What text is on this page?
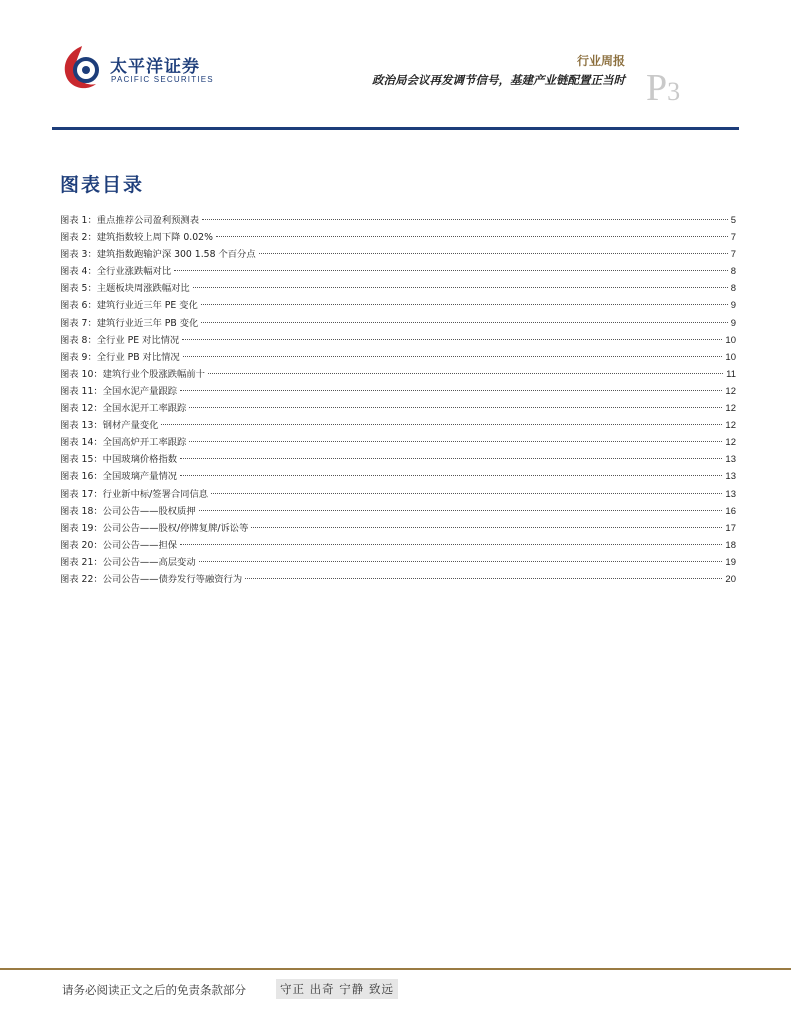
太平洋证券
PACIFIC SECURITIES
行业周报
政治局会议再发调节信号，基建产业链配置正当时 P3
图表目录
图表 1：重点推荐公司盈利预测表	5
图表 2：建筑指数较上周下降 0.02%	7
图表 3：建筑指数跑输沪深 300 1.58 个百分点	7
图表 4：全行业涨跌幅对比	8
图表 5：主题板块周涨跌幅对比	8
图表 6：建筑行业近三年 PE 变化	9
图表 7：建筑行业近三年 PB 变化	9
图表 8：全行业 PE 对比情况	10
图表 9：全行业 PB 对比情况	10
图表 10：建筑行业个股涨跌幅前十	11
图表 11：全国水泥产量跟踪	12
图表 12：全国水泥开工率跟踪	12
图表 13：钢材产量变化	12
图表 14：全国高炉开工率跟踪	12
图表 15：中国玻璃价格指数	13
图表 16：全国玻璃产量情况	13
图表 17：行业新中标/签署合同信息	13
图表 18：公司公告——股权质押	16
图表 19：公司公告——股权/停牌复牌/诉讼等	17
图表 20：公司公告——担保	18
图表 21：公司公告——高层变动	19
图表 22：公司公告——债券发行等融资行为	20
请务必阅读正文之后的免责条款部分	守正 出奇 宁静 致远
